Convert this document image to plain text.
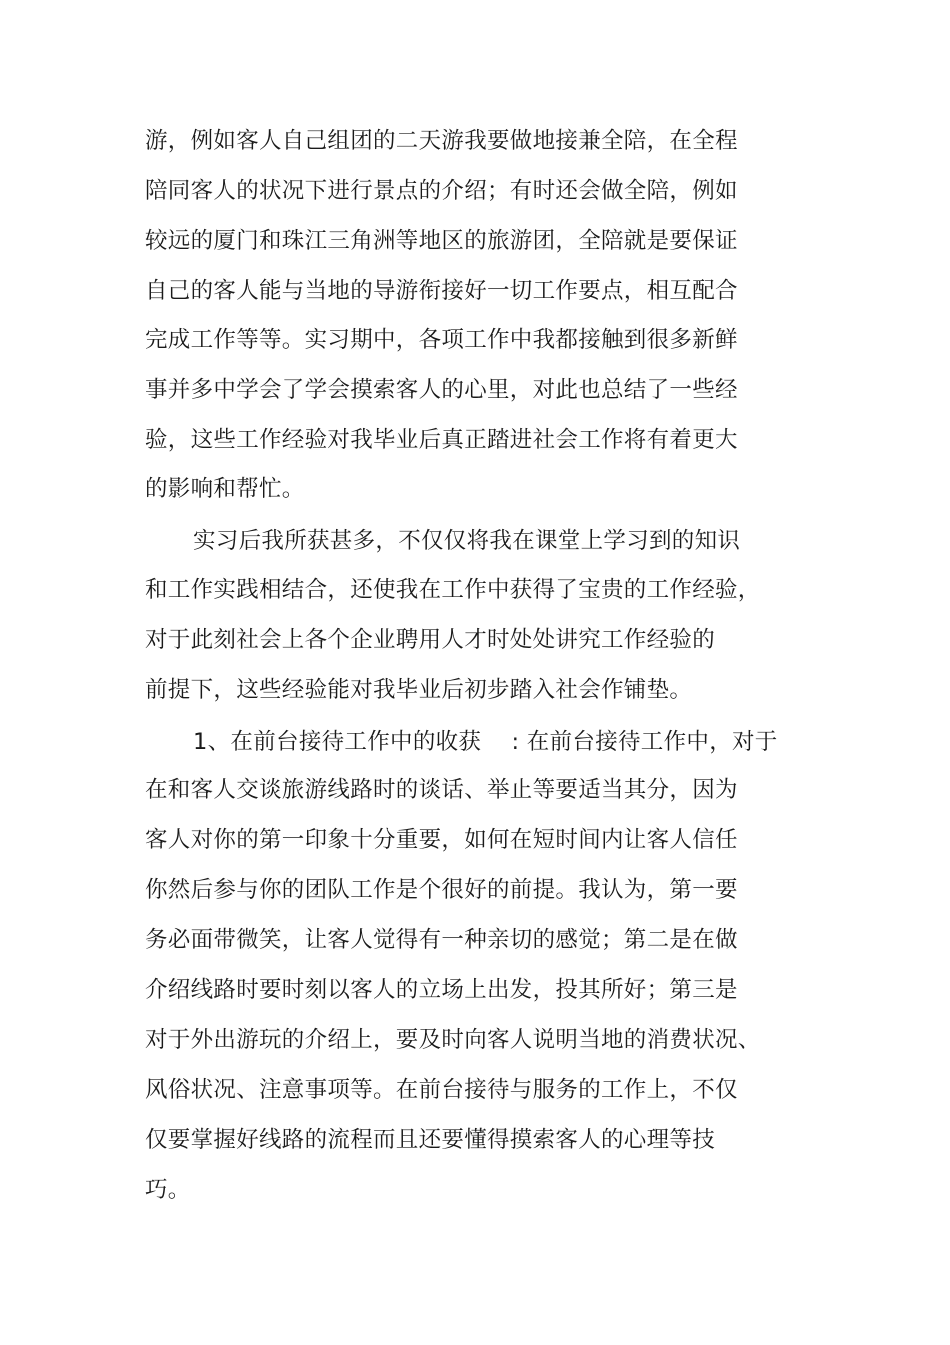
游，例如客人自己组团的二天游我要做地接兼全陪，在全程
陪同客人的状况下进行景点的介绍；有时还会做全陪，例如
较远的厦门和珠江三角洲等地区的旅游团，全陪就是要保证
自己的客人能与当地的导游衔接好一切工作要点，相互配合
完成工作等等。实习期中，各项工作中我都接触到很多新鲜
事并多中学会了学会摸索客人的心里，对此也总结了一些经
验，这些工作经验对我毕业后真正踏进社会工作将有着更大
的影响和帮忙。
实习后我所获甚多，不仅仅将我在课堂上学习到的知识
和工作实践相结合，还使我在工作中获得了宝贵的工作经验，
对于此刻社会上各个企业聘用人才时处处讲究工作经验的
前提下，这些经验能对我毕业后初步踏入社会作铺垫。
1、在前台接待工作中的收获　 : 在前台接待工作中，对于
在和客人交谈旅游线路时的谈话、举止等要适当其分，因为
客人对你的第一印象十分重要，如何在短时间内让客人信任
你然后参与你的团队工作是个很好的前提。我认为，第一要
务必面带微笑，让客人觉得有一种亲切的感觉；第二是在做
介绍线路时要时刻以客人的立场上出发，投其所好；第三是
对于外出游玩的介绍上，要及时向客人说明当地的消费状况、
风俗状况、注意事项等。在前台接待与服务的工作上，不仅
仅要掌握好线路的流程而且还要懂得摸索客人的心理等技
巧。
